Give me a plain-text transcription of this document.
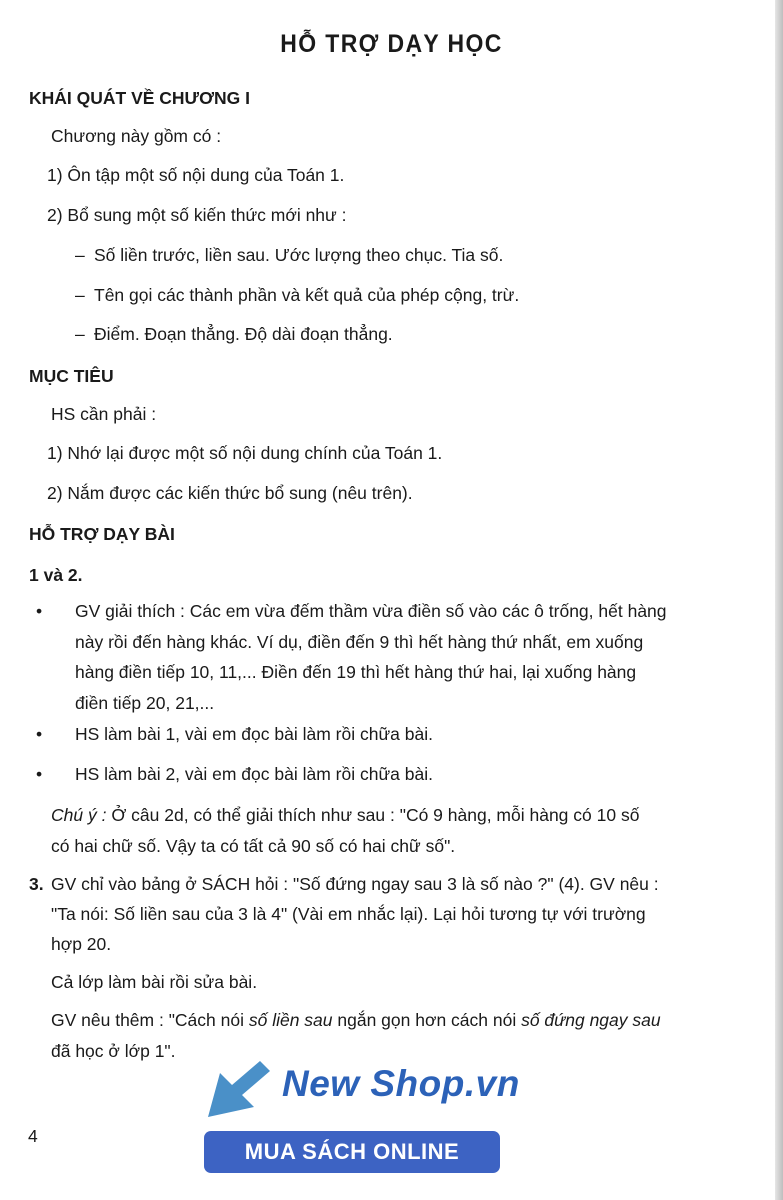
HỖ TRỢ DẠY HỌC
KHÁI QUÁT VỀ CHƯƠNG I
Chương này gồm có :
1) Ôn tập một số nội dung của Toán 1.
2) Bổ sung một số kiến thức mới như :
– Số liền trước, liền sau. Ước lượng theo chục. Tia số.
– Tên gọi các thành phần và kết quả của phép cộng, trừ.
– Điểm. Đoạn thẳng. Độ dài đoạn thẳng.
MỤC TIÊU
HS cần phải :
1) Nhớ lại được một số nội dung chính của Toán 1.
2) Nắm được các kiến thức bổ sung (nêu trên).
HỖ TRỢ DẠY BÀI
1 và 2.
• GV giải thích : Các em vừa đếm thầm vừa điền số vào các ô trống, hết hàng
này rồi đến hàng khác. Ví dụ, điền đến 9 thì hết hàng thứ nhất, em xuống
hàng điền tiếp 10, 11,... Điền đến 19 thì hết hàng thứ hai, lại xuống hàng
điền tiếp 20, 21,...
• HS làm bài 1, vài em đọc bài làm rồi chữa bài.
• HS làm bài 2, vài em đọc bài làm rồi chữa bài.
Chú ý : Ở câu 2d, có thể giải thích như sau : "Có 9 hàng, mỗi hàng có 10 số
có hai chữ số. Vậy ta có tất cả 90 số có hai chữ số".
3. GV chỉ vào bảng ở SÁCH hỏi : "Số đứng ngay sau 3 là số nào ?" (4). GV nêu :
"Ta nói: Số liền sau của 3 là 4" (Vài em nhắc lại). Lại hỏi tương tự với trường
hợp 20.
Cả lớp làm bài rồi sửa bài.
GV nêu thêm : "Cách nói số liền sau ngắn gọn hơn cách nói số đứng ngay sau
đã học ở lớp 1".
4
New Shop.vn
MUA SÁCH ONLINE
